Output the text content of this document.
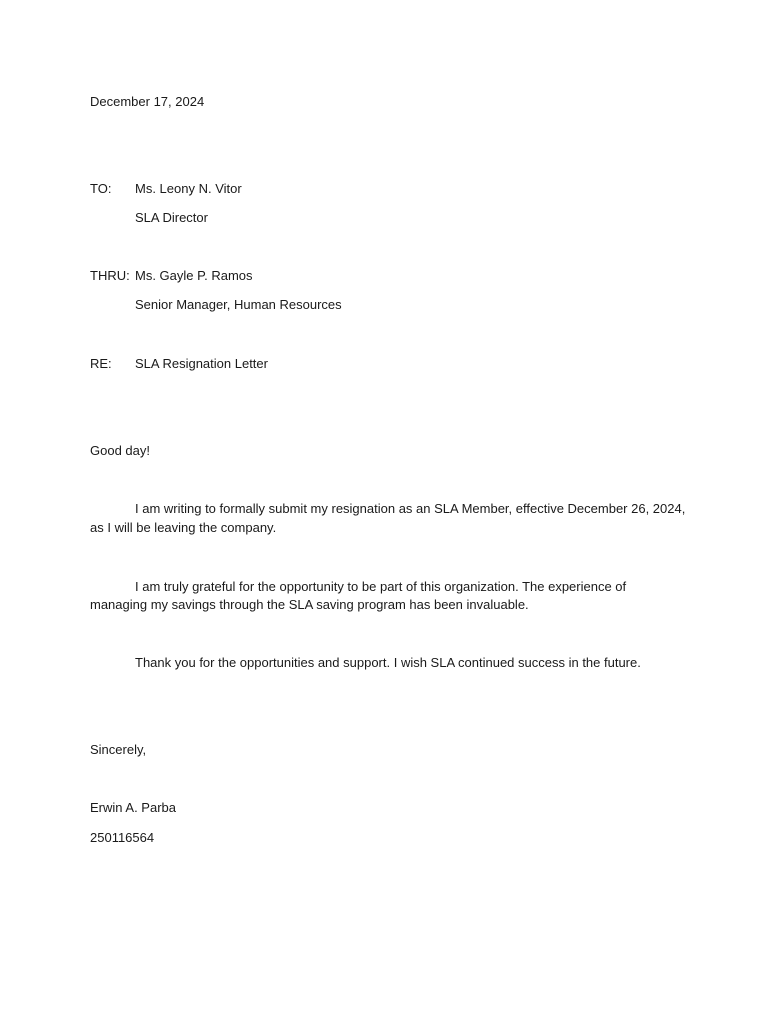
December 17, 2024
TO: Ms. Leony N. Vitor
SLA Director
THRU: Ms. Gayle P. Ramos
Senior Manager, Human Resources
RE: SLA Resignation Letter
Good day!
I am writing to formally submit my resignation as an SLA Member, effective December 26, 2024,
as I will be leaving the company.
I am truly grateful for the opportunity to be part of this organization. The experience of
managing my savings through the SLA saving program has been invaluable.
Thank you for the opportunities and support. I wish SLA continued success in the future.
Sincerely,
Erwin A. Parba
250116564
